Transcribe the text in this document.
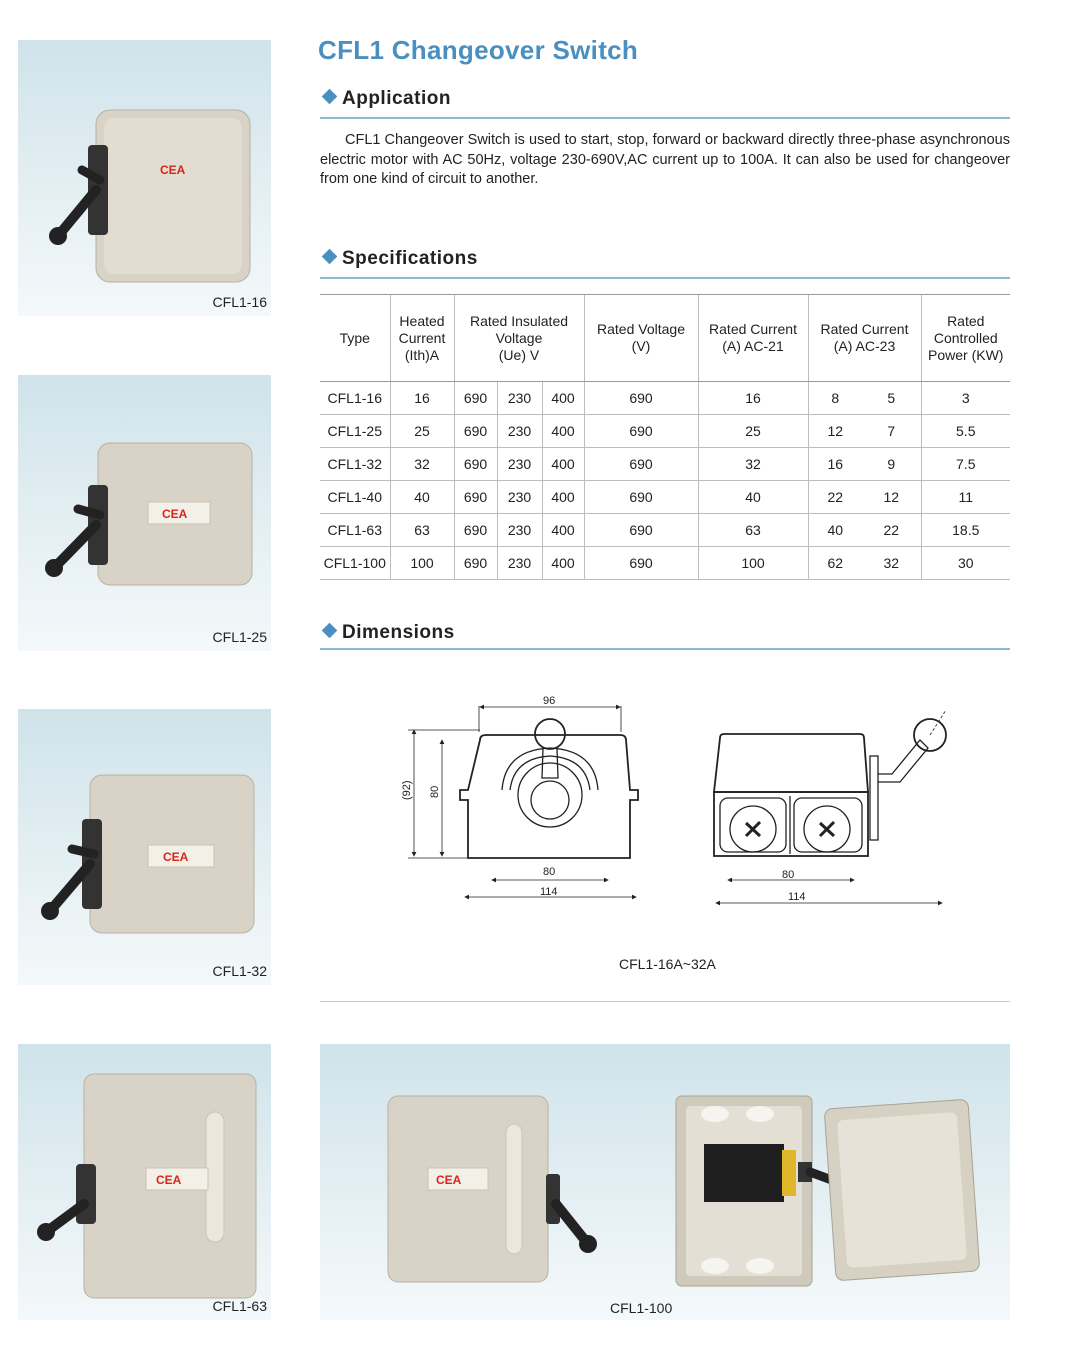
CFL1 Changeover Switch
Application
CFL1 Changeover Switch is used to start, stop, forward or backward directly three-phase asynchronous electric motor with AC 50Hz, voltage 230-690V,AC current up to 100A. It can also be used for changeover from one kind of circuit to another.
Specifications
Type	Heated
Current
(Ith)A	Rated Insulated
Voltage
(Ue) V			Rated Voltage
(V)	Rated Current
(A) AC-21	Rated Current
(A) AC-23		Rated
Controlled
Power (KW)
CFL1-16	16	690	230	400	690	16	8	5	3
CFL1-25	25	690	230	400	690	25	12	7	5.5
CFL1-32	32	690	230	400	690	32	16	9	7.5
CFL1-40	40	690	230	400	690	40	22	12	11
CFL1-63	63	690	230	400	690	63	40	22	18.5
CFL1-100	100	690	230	400	690	100	62	32	30
Dimensions
96
(92) 80
80
114
80
114
CFL1-16A~32A
CEA
CFL1-16
CEA
CFL1-25
CEA
CFL1-32
CEA
CFL1-63
CEA
CFL1-100
